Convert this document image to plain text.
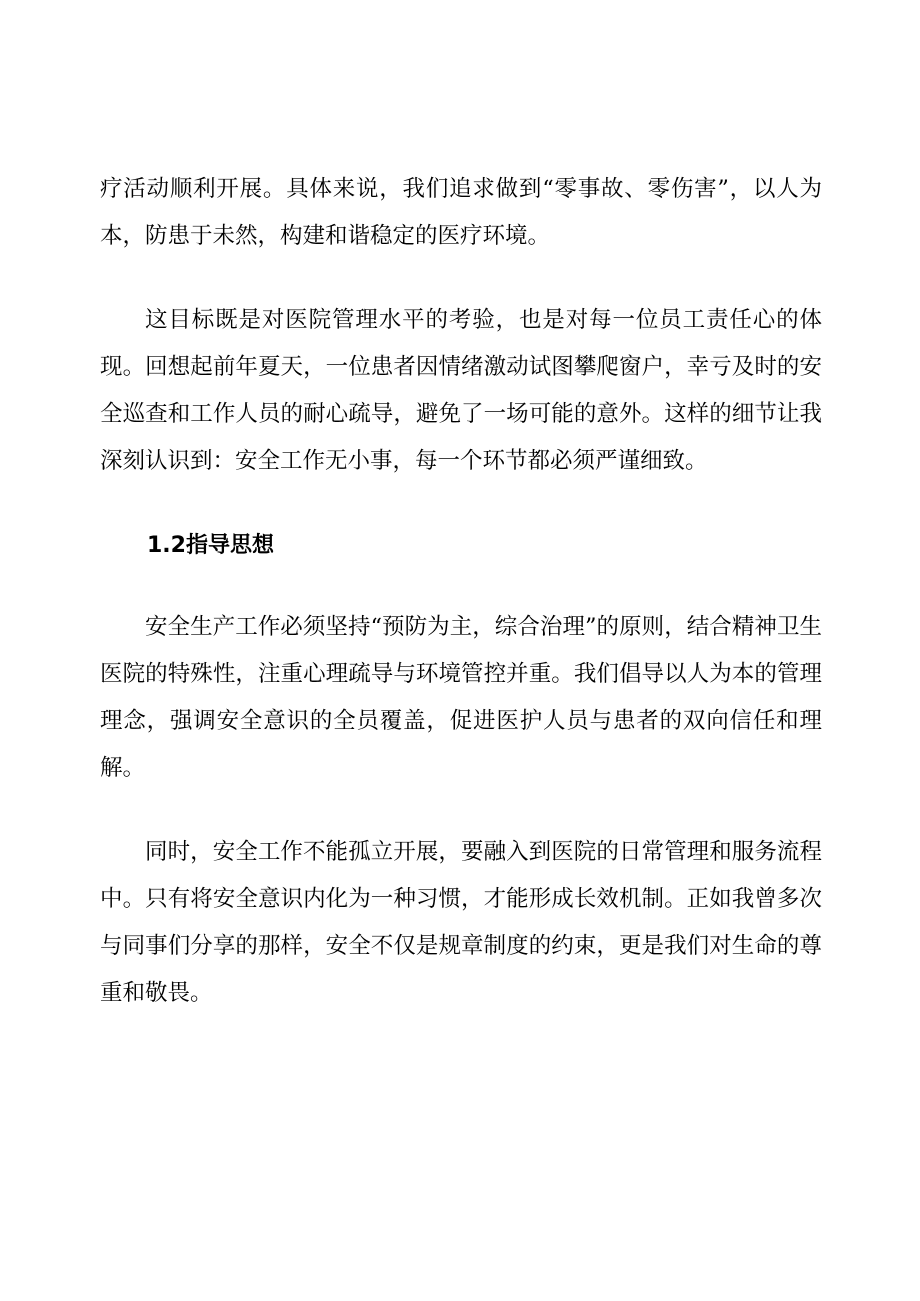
疗活动顺利开展。具体来说，我们追求做到“零事故、零伤害”，以人为本，防患于未然，构建和谐稳定的医疗环境。

这目标既是对医院管理水平的考验，也是对每一位员工责任心的体现。回想起前年夏天，一位患者因情绪激动试图攀爬窗户，幸亏及时的安全巡查和工作人员的耐心疏导，避免了一场可能的意外。这样的细节让我深刻认识到：安全工作无小事，每一个环节都必须严谨细致。

1.2指导思想

安全生产工作必须坚持“预防为主，综合治理”的原则，结合精神卫生医院的特殊性，注重心理疏导与环境管控并重。我们倡导以人为本的管理理念，强调安全意识的全员覆盖，促进医护人员与患者的双向信任和理解。

同时，安全工作不能孤立开展，要融入到医院的日常管理和服务流程中。只有将安全意识内化为一种习惯，才能形成长效机制。正如我曾多次与同事们分享的那样，安全不仅是规章制度的约束，更是我们对生命的尊重和敬畏。
